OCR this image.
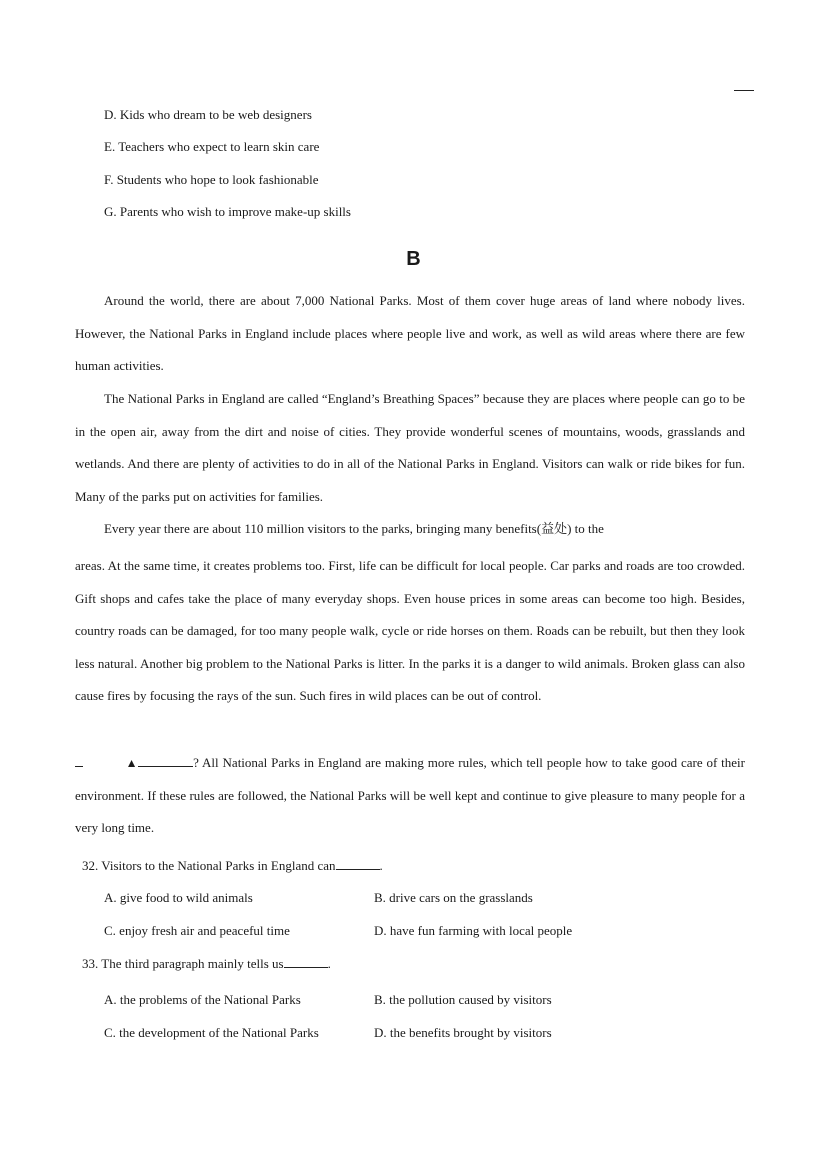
D. Kids who dream to be web designers
E. Teachers who expect to learn skin care
F. Students who hope to look fashionable
G. Parents who wish to improve make-up skills
B

Around the world, there are about 7,000 National Parks. Most of them cover huge areas of land where nobody lives. However, the National Parks in England include places where people live and work, as well as wild areas where there are few human activities.

The National Parks in England are called “England’s Breathing Spaces” because they are places where people can go to be in the open air, away from the dirt and noise of cities. They provide wonderful scenes of mountains, woods, grasslands and wetlands. And there are plenty of activities to do in all of the National Parks in England. Visitors can walk or ride bikes for fun. Many of the parks put on activities for families.

Every year there are about 110 million visitors to the parks, bringing many benefits(益处) to the

areas. At the same time, it creates problems too. First, life can be difficult for local people. Car parks and roads are too crowded. Gift shops and cafes take the place of many everyday shops. Even house prices in some areas can become too high. Besides, country roads can be damaged, for too many people walk, cycle or ride horses on them. Roads can be rebuilt, but then they look less natural. Another big problem to the National Parks is litter. In the parks it is a danger to wild animals. Broken glass can also cause fires by focusing the rays of the sun. Such fires in wild places can be out of control.

▲	? All National Parks in England are making more rules, which tell people how to take good care of their environment. If these rules are followed, the National Parks will be well kept and continue to give pleasure to many people for a very long time.

32. Visitors to the National Parks in England can	.
A. give food to wild animals	B. drive cars on the grasslands
C. enjoy fresh air and peaceful time	D. have fun farming with local people
33. The third paragraph mainly tells us	.
A. the problems of the National Parks	B. the pollution caused by visitors
C. the development of the National Parks	D. the benefits brought by visitors
